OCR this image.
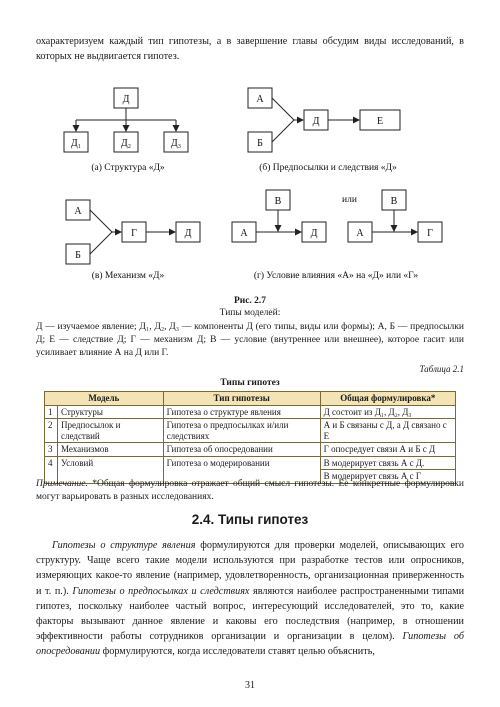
охарактеризуем каждый тип гипотезы, а в завершение главы обсудим виды исследований, в которых не выдвигается гипотез.

Д
Д₁	Д₂	Д₃
(а) Структура «Д»
А
Б
Д	Е
(б) Предпосылки и следствия «Д»
А
Б
Г	Д
(в) Механизм «Д»
В
А	Д
или	В
А	Г
(г) Условие влияния «А» на «Д» или «Г»
Рис. 2.7
Типы моделей:

Д — изучаемое явление; Д₁, Д₂, Д₃ — компоненты Д (его типы, виды или формы); А, Б — предпосылки Д; Е — следствие Д; Г — механизм Д; В — условие (внутреннее или внешнее), которое гасит или усиливает влияние А на Д или Г.

Таблица 2.1
Типы гипотез
Модель		Тип гипотезы	Общая формулировка*
1	Структуры	Гипотеза о структуре явления	Д состоит из Д₁, Д₂, Д₃
2	Предпосылок и следствий	Гипотеза о предпосылках и/или следствиях	А и Б связаны с Д, а Д связано с Е
3	Механизмов	Гипотеза об опосредовании	Г опосредует связи А и Б с Д
4	Условий	Гипотеза о модерировании	В модерирует связь А с Д.
			В модерирует связь А с Г

Примечание. *Общая формулировка отражает общий смысл гипотезы. Ее конкретные формулировки могут варьировать в разных исследованиях.

2.4. Типы гипотез

Гипотезы о структуре явления формулируются для проверки моделей, описывающих его структуру. Чаще всего такие модели используются при разработке тестов или опросников, измеряющих какое-то явление (например, удовлетворенность, организационная приверженность и т. п.). Гипотезы о предпосылках и следствиях являются наиболее распространенными типами гипотез, поскольку наиболее частый вопрос, интересующий исследователей, это то, какие факторы вызывают данное явление и каковы его последствия (например, в отношении эффективности работы сотрудников организации и организации в целом). Гипотезы об опосредовании формулируются, когда исследователи ставят целью объяснить,

31
